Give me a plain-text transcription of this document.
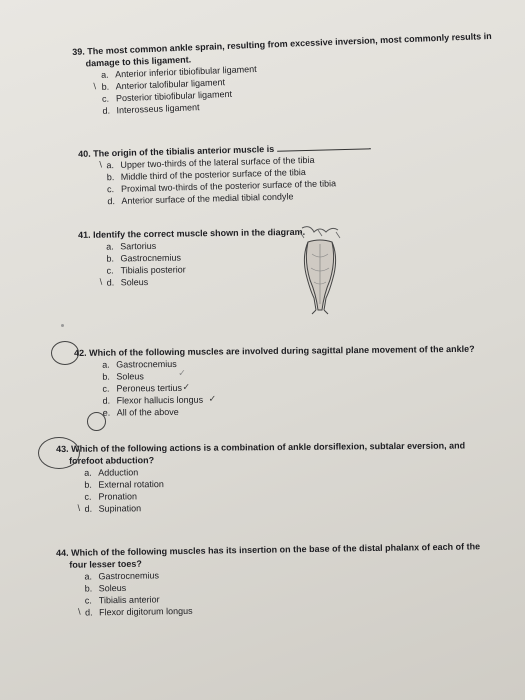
39. The most common ankle sprain, resulting from excessive inversion, most commonly results in
damage to this ligament.
a. Anterior inferior tibiofibular ligament
\ b. Anterior talofibular ligament
c. Posterior tibiofibular ligament
d. Interosseus ligament
40. The origin of the tibialis anterior muscle is	.
\ a. Upper two-thirds of the lateral surface of the tibia
b. Middle third of the posterior surface of the tibia
c. Proximal two-thirds of the posterior surface of the tibia
d. Anterior surface of the medial tibial condyle
41. Identify the correct muscle shown in the diagram.
a. Sartorius
b. Gastrocnemius
c. Tibialis posterior
\ d. Soleus
42. Which of the following muscles are involved during sagittal plane movement of the ankle?
a. Gastrocnemius
b. Soleus	✓
c. Peroneus tertius ✓
d. Flexor hallucis longus ✓
e. All of the above
43. Which of the following actions is a combination of ankle dorsiflexion, subtalar eversion, and
forefoot abduction?
a. Adduction
b. External rotation
c. Pronation
\ d. Supination
44. Which of the following muscles has its insertion on the base of the distal phalanx of each of the
four lesser toes?
a. Gastrocnemius
b. Soleus
c. Tibialis anterior
\ d. Flexor digitorum longus
